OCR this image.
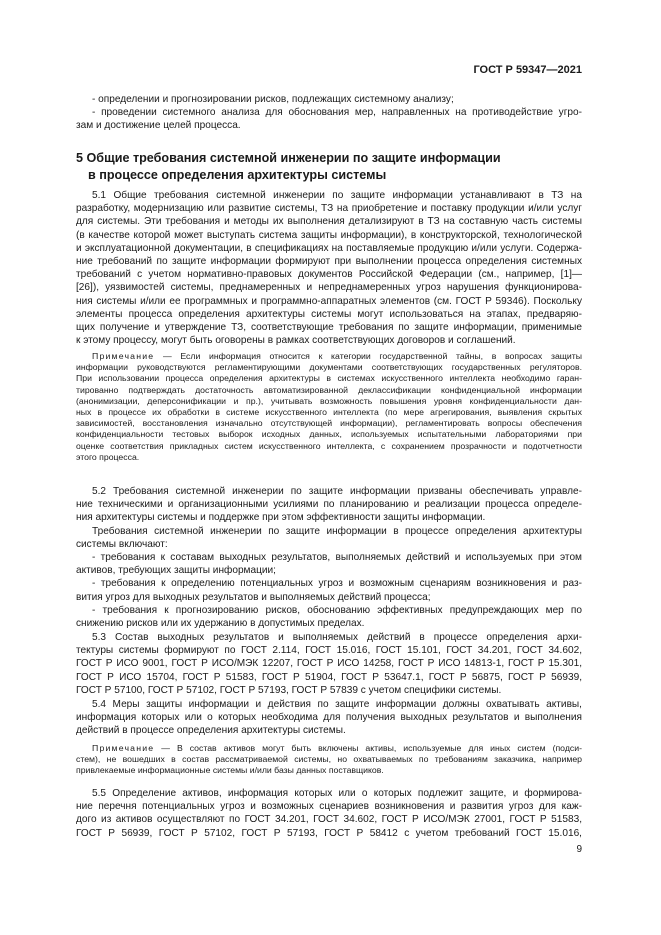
ГОСТ Р 59347—2021
- определении и прогнозировании рисков, подлежащих системному анализу;
- проведении системного анализа для обоснования мер, направленных на противодействие угро-
зам и достижение целей процесса.
5 Общие требования системной инженерии по защите информации
в процессе определения архитектуры системы
5.1 Общие требования системной инженерии по защите информации устанавливают в ТЗ на
разработку, модернизацию или развитие системы, ТЗ на приобретение и поставку продукции и/или услуг
для системы. Эти требования и методы их выполнения детализируют в ТЗ на составную часть системы
(в качестве которой может выступать система защиты информации), в конструкторской, технологической
и эксплуатационной документации, в спецификациях на поставляемые продукцию и/или услуги. Содержа-
ние требований по защите информации формируют при выполнении процесса определения системных
требований с учетом нормативно-правовых документов Российской Федерации (см., например, [1]—
[26]), уязвимостей системы, преднамеренных и непреднамеренных угроз нарушения функционирова-
ния системы и/или ее программных и программно-аппаратных элементов (см. ГОСТ Р 59346). Поскольку
элементы процесса определения архитектуры системы могут использоваться на этапах, предваряю-
щих получение и утверждение ТЗ, соответствующие требования по защите информации, применимые
к этому процессу, могут быть оговорены в рамках соответствующих договоров и соглашений.
Примечание — Если информация относится к категории государственной тайны, в вопросах защиты
информации руководствуются регламентирующими документами соответствующих государственных регуляторов.
При использовании процесса определения архитектуры в системах искусственного интеллекта необходимо гаран-
тированно подтверждать достаточность автоматизированной деклассификации конфиденциальной информации
(анонимизации, деперсонификации и пр.), учитывать возможность повышения уровня конфиденциальности дан-
ных в процессе их обработки в системе искусственного интеллекта (по мере агрегирования, выявления скрытых
зависимостей, восстановления изначально отсутствующей информации), регламентировать вопросы обеспечения
конфиденциальности тестовых выборок исходных данных, используемых испытательными лабораториями при
оценке соответствия прикладных систем искусственного интеллекта, с сохранением прозрачности и подотчетности
этого процесса.
5.2 Требования системной инженерии по защите информации призваны обеспечивать управле-
ние техническими и организационными усилиями по планированию и реализации процесса определе-
ния архитектуры системы и поддержке при этом эффективности защиты информации.
Требования системной инженерии по защите информации в процессе определения архитектуры
системы включают:
- требования к составам выходных результатов, выполняемых действий и используемых при этом
активов, требующих защиты информации;
- требования к определению потенциальных угроз и возможным сценариям возникновения и раз-
вития угроз для выходных результатов и выполняемых действий процесса;
- требования к прогнозированию рисков, обоснованию эффективных предупреждающих мер по
снижению рисков или их удержанию в допустимых пределах.
5.3 Состав выходных результатов и выполняемых действий в процессе определения архи-
тектуры системы формируют по ГОСТ 2.114, ГОСТ 15.016, ГОСТ 15.101, ГОСТ 34.201, ГОСТ 34.602,
ГОСТ Р ИСО 9001, ГОСТ Р ИСО/МЭК 12207, ГОСТ Р ИСО 14258, ГОСТ Р ИСО 14813-1, ГОСТ Р 15.301,
ГОСТ Р ИСО 15704, ГОСТ Р 51583, ГОСТ Р 51904, ГОСТ Р 53647.1, ГОСТ Р 56875, ГОСТ Р 56939,
ГОСТ Р 57100, ГОСТ Р 57102, ГОСТ Р 57193, ГОСТ Р 57839 с учетом специфики системы.
5.4 Меры защиты информации и действия по защите информации должны охватывать активы,
информация которых или о которых необходима для получения выходных результатов и выполнения
действий в процессе определения архитектуры системы.
Примечание — В состав активов могут быть включены активы, используемые для иных систем (подси-
стем), не вошедших в состав рассматриваемой системы, но охватываемых по требованиям заказчика, например
привлекаемые информационные системы и/или базы данных поставщиков.
5.5 Определение активов, информация которых или о которых подлежит защите, и формирова-
ние перечня потенциальных угроз и возможных сценариев возникновения и развития угроз для каж-
дого из активов осуществляют по ГОСТ 34.201, ГОСТ 34.602, ГОСТ Р ИСО/МЭК 27001, ГОСТ Р 51583,
ГОСТ Р 56939, ГОСТ Р 57102, ГОСТ Р 57193, ГОСТ Р 58412 с учетом требований ГОСТ 15.016,
9
